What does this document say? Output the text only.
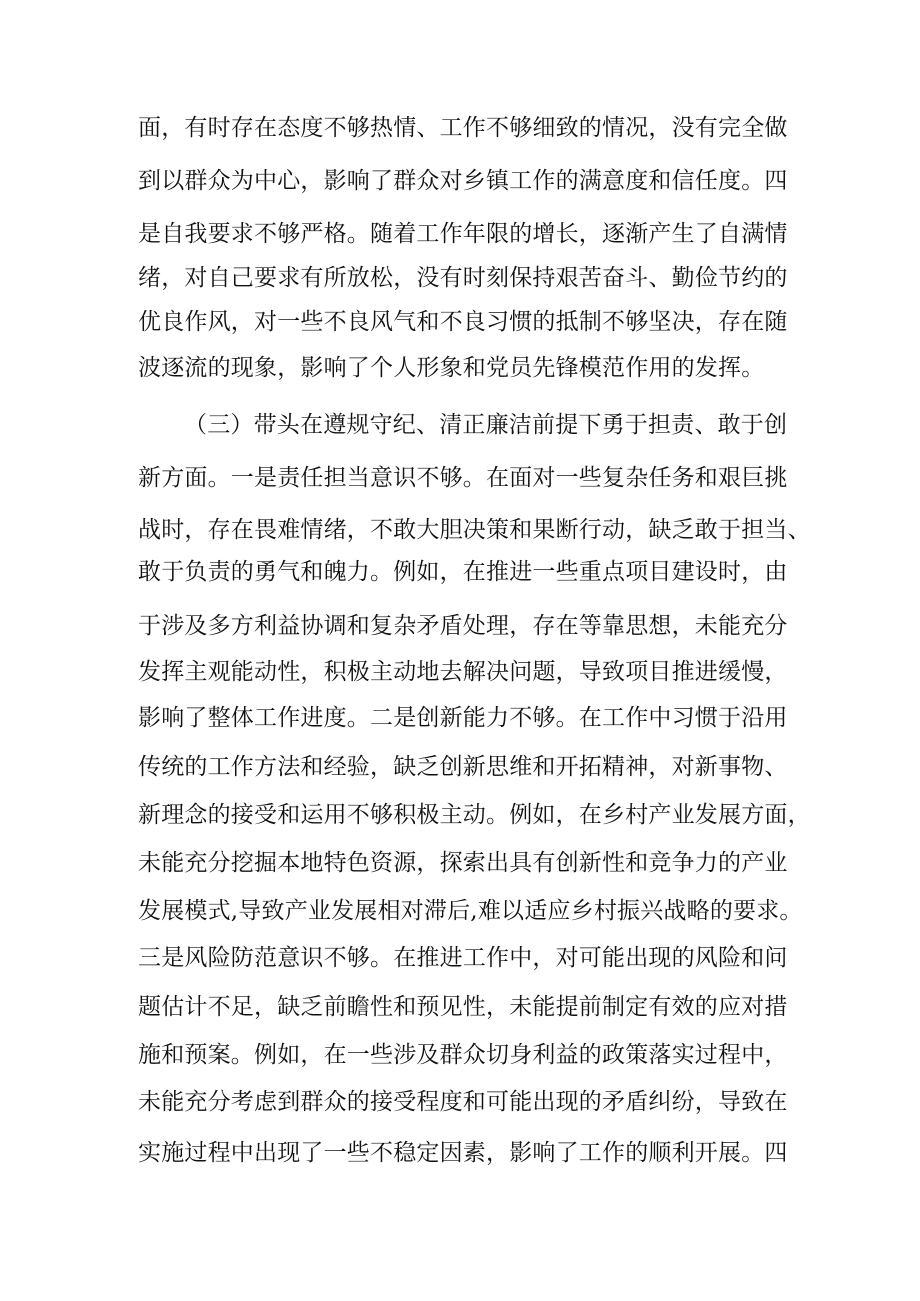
面，有时存在态度不够热情、工作不够细致的情况，没有完全做
到以群众为中心，影响了群众对乡镇工作的满意度和信任度。四
是自我要求不够严格。随着工作年限的增长，逐渐产生了自满情
绪，对自己要求有所放松，没有时刻保持艰苦奋斗、勤俭节约的
优良作风，对一些不良风气和不良习惯的抵制不够坚决，存在随
波逐流的现象，影响了个人形象和党员先锋模范作用的发挥。
（三）带头在遵规守纪、清正廉洁前提下勇于担责、敢于创
新方面。一是责任担当意识不够。在面对一些复杂任务和艰巨挑
战时，存在畏难情绪，不敢大胆决策和果断行动，缺乏敢于担当、
敢于负责的勇气和魄力。例如，在推进一些重点项目建设时，由
于涉及多方利益协调和复杂矛盾处理，存在等靠思想，未能充分
发挥主观能动性，积极主动地去解决问题，导致项目推进缓慢，
影响了整体工作进度。二是创新能力不够。在工作中习惯于沿用
传统的工作方法和经验，缺乏创新思维和开拓精神，对新事物、
新理念的接受和运用不够积极主动。例如，在乡村产业发展方面，
未能充分挖掘本地特色资源，探索出具有创新性和竞争力的产业
发展模式,导致产业发展相对滞后,难以适应乡村振兴战略的要求。
三是风险防范意识不够。在推进工作中，对可能出现的风险和问
题估计不足，缺乏前瞻性和预见性，未能提前制定有效的应对措
施和预案。例如，在一些涉及群众切身利益的政策落实过程中，
未能充分考虑到群众的接受程度和可能出现的矛盾纠纷，导致在
实施过程中出现了一些不稳定因素，影响了工作的顺利开展。四
